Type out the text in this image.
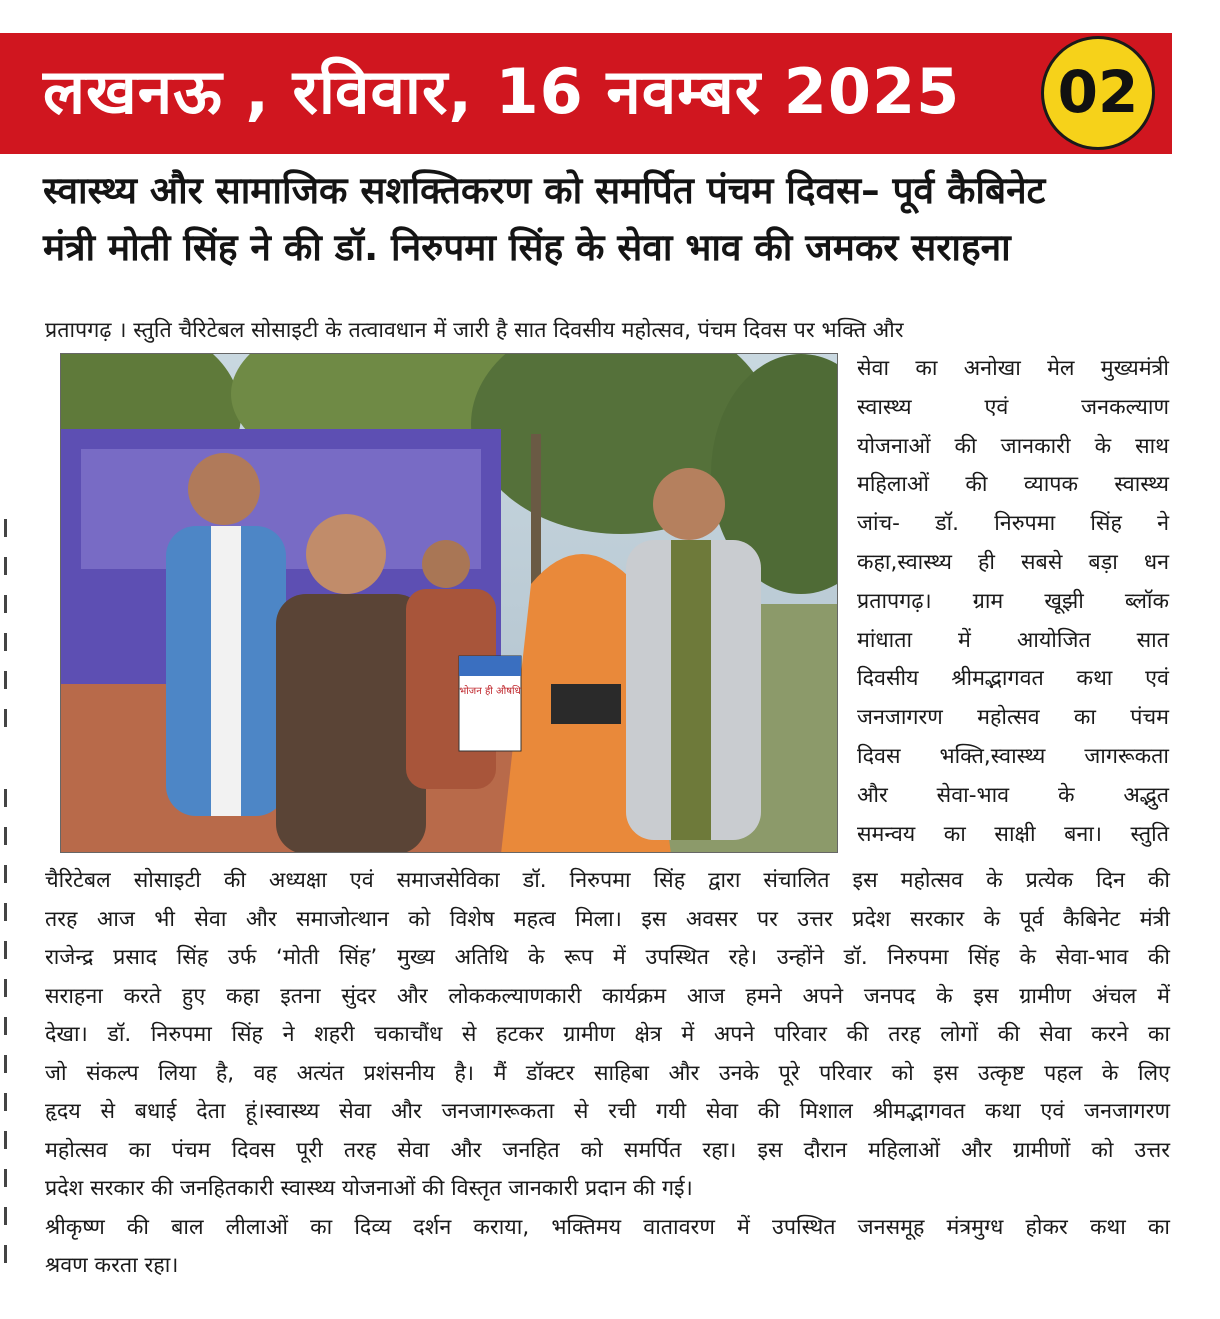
लखनऊ , रविवार, 16 नवम्बर 2025 02
स्वास्थ्य और सामाजिक सशक्तिकरण को समर्पित पंचम दिवस– पूर्व कैबिनेट
मंत्री मोती सिंह ने की डॉ. निरुपमा सिंह के सेवा भाव की जमकर सराहना
प्रतापगढ़ । स्तुति चैरिटेबल सोसाइटी के तत्वावधान में जारी है सात दिवसीय महोत्सव, पंचम दिवस पर भक्ति और
भोजन ही औषधि
सेवा का अनोखा मेल मुख्यमंत्री
स्वास्थ्य एवं जनकल्याण
योजनाओं की जानकारी के साथ
महिलाओं की व्यापक स्वास्थ्य
जांच- डॉ. निरुपमा सिंह ने
कहा,स्वास्थ्य ही सबसे बड़ा धन
प्रतापगढ़। ग्राम खूझी ब्लॉक
मांधाता में आयोजित सात
दिवसीय श्रीमद्भागवत कथा एवं
जनजागरण महोत्सव का पंचम
दिवस भक्ति,स्वास्थ्य जागरूकता
और सेवा-भाव के अद्भुत
समन्वय का साक्षी बना। स्तुति
चैरिटेबल सोसाइटी की अध्यक्षा एवं समाजसेविका डॉ. निरुपमा सिंह द्वारा संचालित इस महोत्सव के प्रत्येक दिन की
तरह आज भी सेवा और समाजोत्थान को विशेष महत्व मिला। इस अवसर पर उत्तर प्रदेश सरकार के पूर्व कैबिनेट मंत्री
राजेन्द्र प्रसाद सिंह उर्फ ‘मोती सिंह’ मुख्य अतिथि के रूप में उपस्थित रहे। उन्होंने डॉ. निरुपमा सिंह के सेवा-भाव की
सराहना करते हुए कहा इतना सुंदर और लोककल्याणकारी कार्यक्रम आज हमने अपने जनपद के इस ग्रामीण अंचल में
देखा। डॉ. निरुपमा सिंह ने शहरी चकाचौंध से हटकर ग्रामीण क्षेत्र में अपने परिवार की तरह लोगों की सेवा करने का
जो संकल्प लिया है, वह अत्यंत प्रशंसनीय है। मैं डॉक्टर साहिबा और उनके पूरे परिवार को इस उत्कृष्ट पहल के लिए
हृदय से बधाई देता हूं।स्वास्थ्य सेवा और जनजागरूकता से रची गयी सेवा की मिशाल श्रीमद्भागवत कथा एवं जनजागरण
महोत्सव का पंचम दिवस पूरी तरह सेवा और जनहित को समर्पित रहा। इस दौरान महिलाओं और ग्रामीणों को उत्तर
प्रदेश सरकार की जनहितकारी स्वास्थ्य योजनाओं की विस्तृत जानकारी प्रदान की गई।
श्रीकृष्ण की बाल लीलाओं का दिव्य दर्शन कराया, भक्तिमय वातावरण में उपस्थित जनसमूह मंत्रमुग्ध होकर कथा का
श्रवण करता रहा।
